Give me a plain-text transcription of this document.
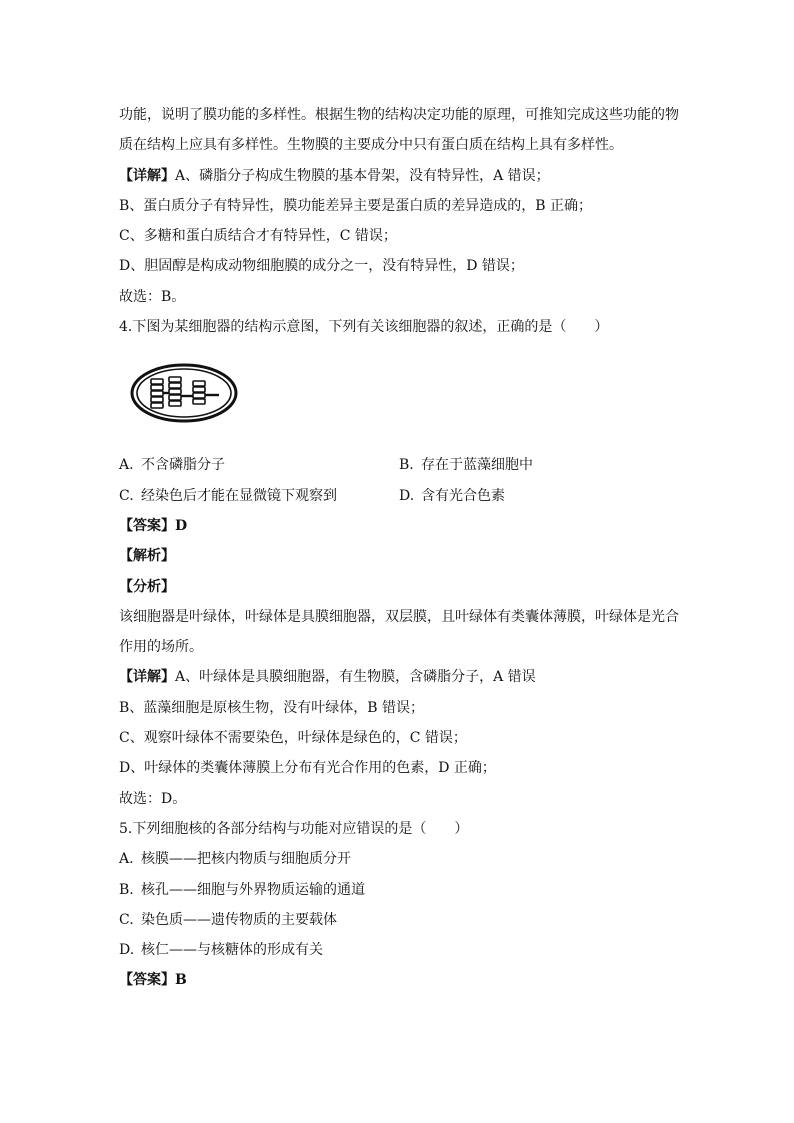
功能，说明了膜功能的多样性。根据生物的结构决定功能的原理，可推知完成这些功能的物
质在结构上应具有多样性。生物膜的主要成分中只有蛋白质在结构上具有多样性。
【详解】A、磷脂分子构成生物膜的基本骨架，没有特异性，A 错误；
B、蛋白质分子有特异性，膜功能差异主要是蛋白质的差异造成的，B 正确；
C、多糖和蛋白质结合才有特异性，C 错误；
D、胆固醇是构成动物细胞膜的成分之一，没有特异性，D 错误；
故选：B。
4.下图为某细胞器的结构示意图，下列有关该细胞器的叙述，正确的是（　　）
A. 不含磷脂分子	B. 存在于蓝藻细胞中
C. 经染色后才能在显微镜下观察到	D. 含有光合色素
【答案】D
【解析】
【分析】
该细胞器是叶绿体，叶绿体是具膜细胞器，双层膜，且叶绿体有类囊体薄膜，叶绿体是光合
作用的场所。
【详解】A、叶绿体是具膜细胞器，有生物膜，含磷脂分子，A 错误
B、蓝藻细胞是原核生物，没有叶绿体，B 错误；
C、观察叶绿体不需要染色，叶绿体是绿色的，C 错误；
D、叶绿体的类囊体薄膜上分布有光合作用的色素，D 正确；
故选：D。
5.下列细胞核的各部分结构与功能对应错误的是（　　）
A. 核膜——把核内物质与细胞质分开
B. 核孔——细胞与外界物质运输的通道
C. 染色质——遗传物质的主要载体
D. 核仁——与核糖体的形成有关
【答案】B
